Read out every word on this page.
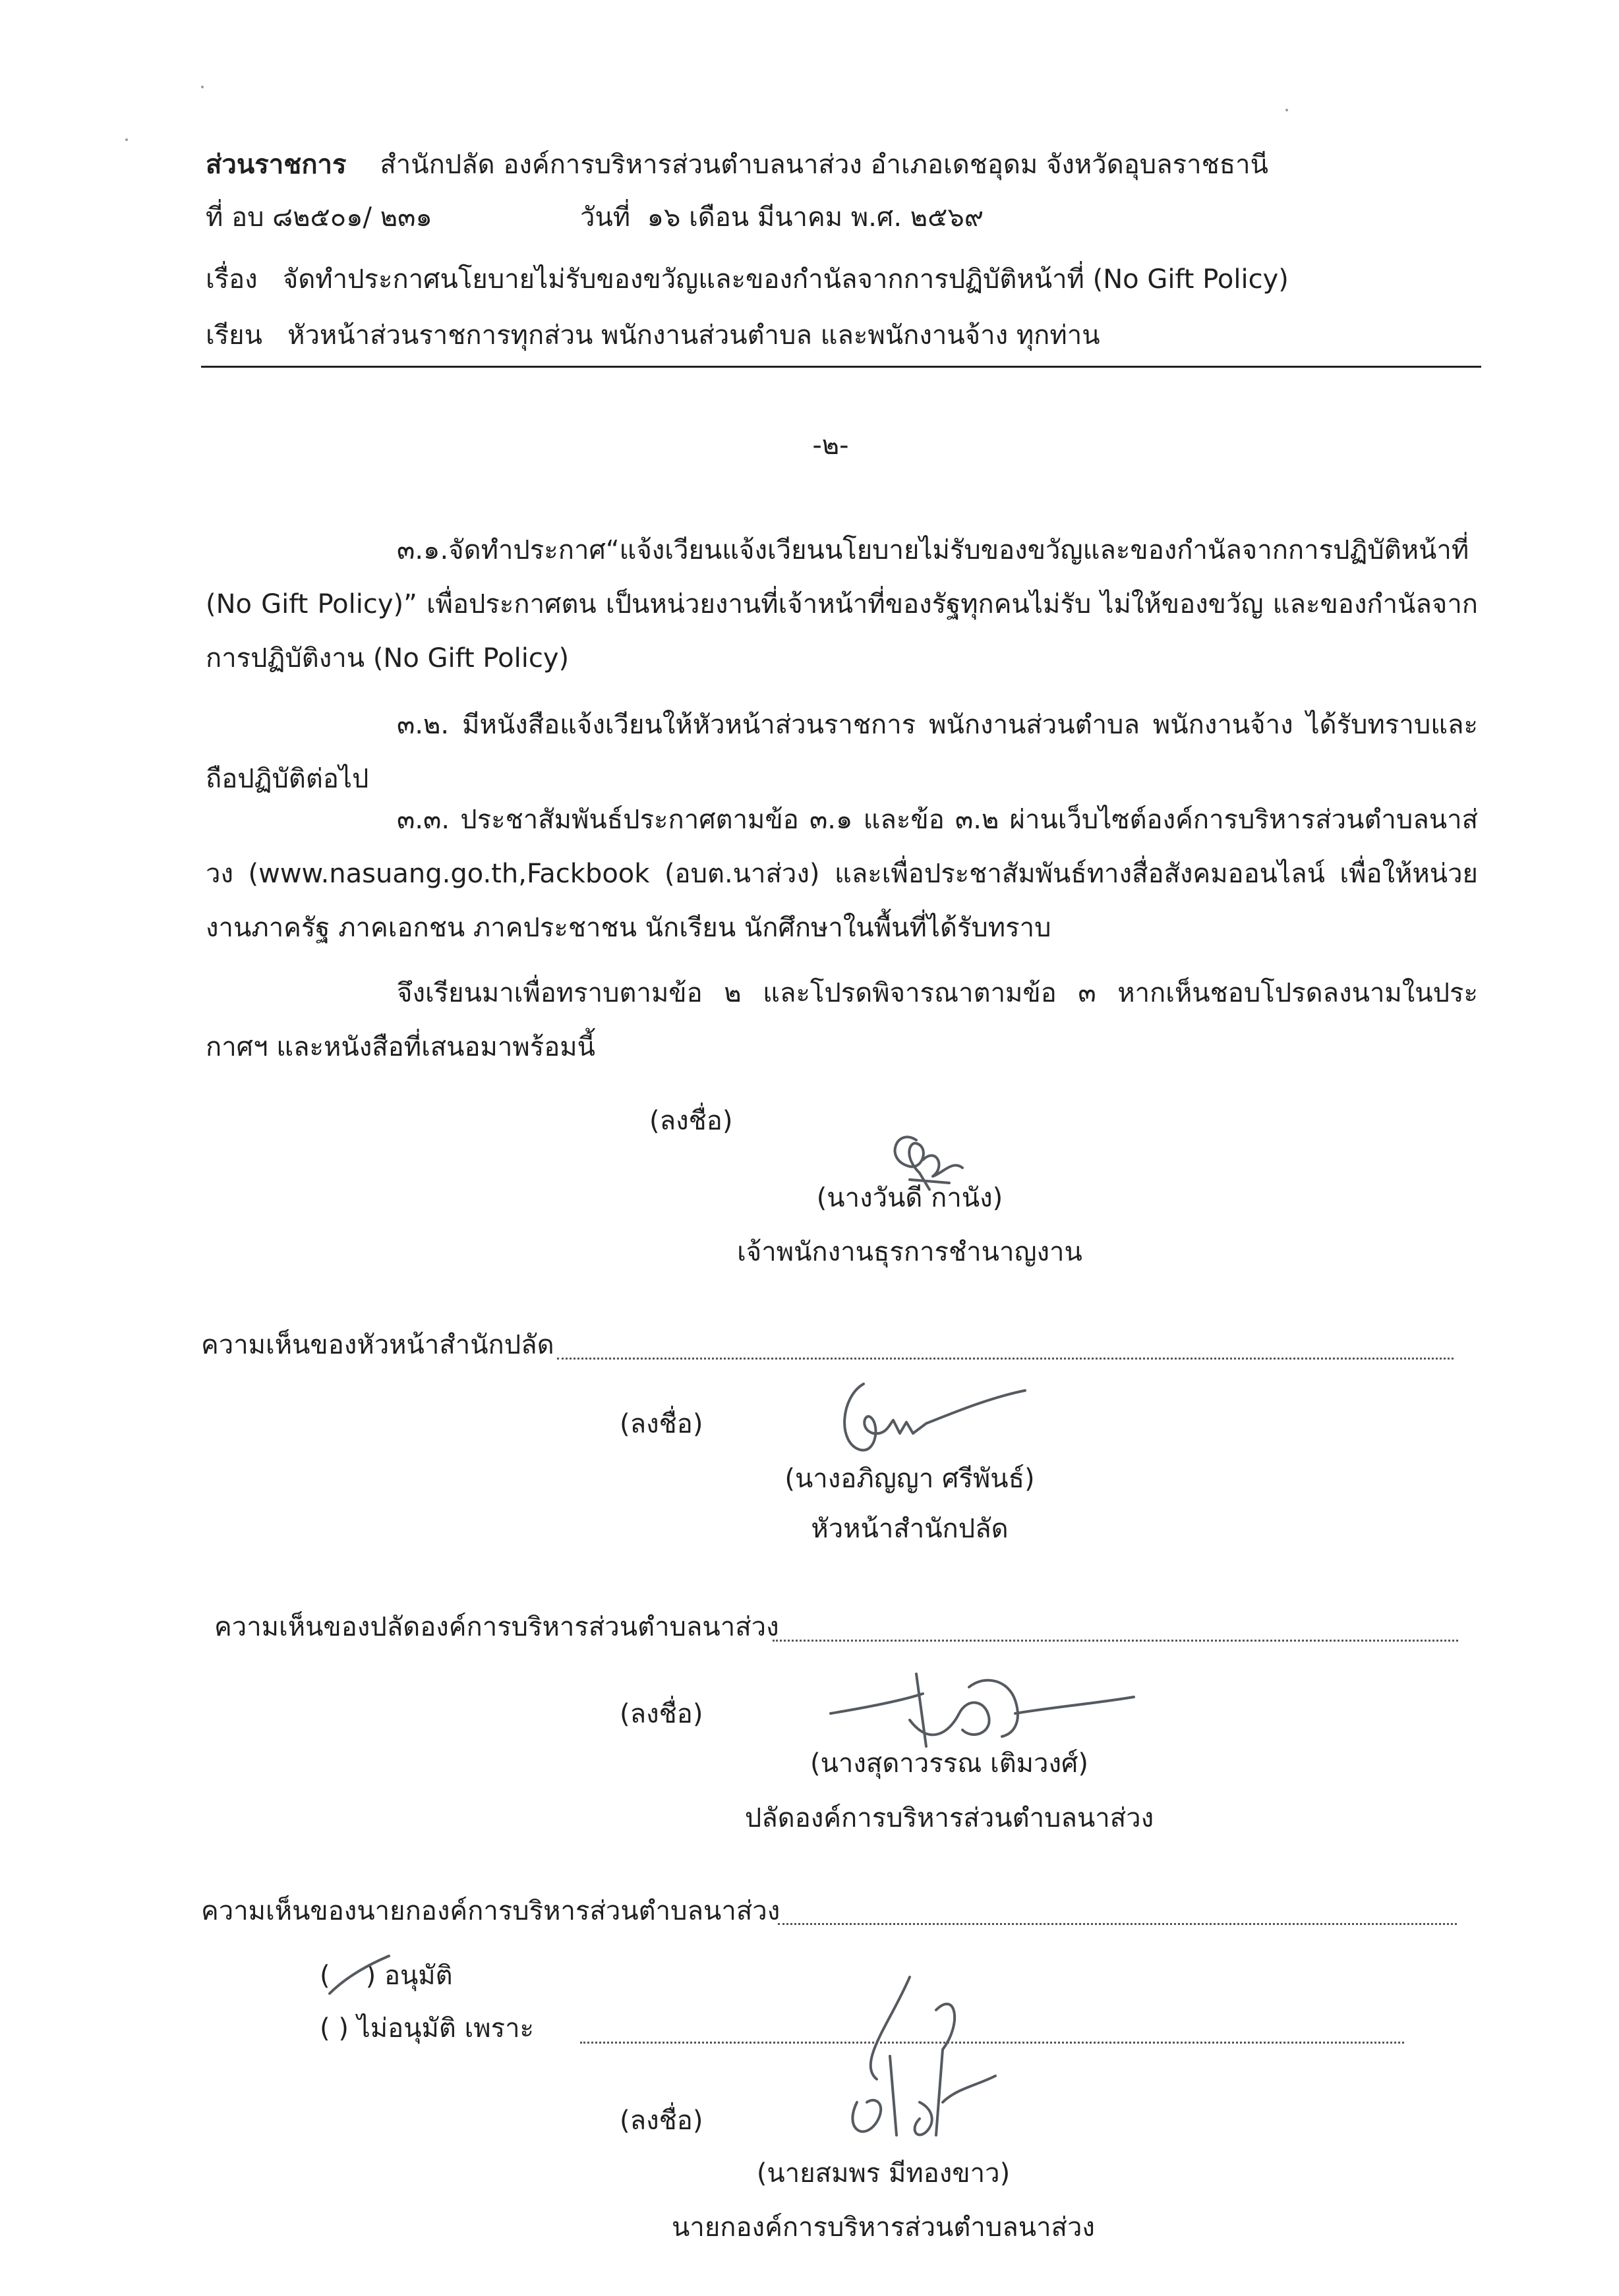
ส่วนราชการ สำนักปลัด องค์การบริหารส่วนตำบลนาส่วง อำเภอเดชอุดม จังหวัดอุบลราชธานี
ที่ อบ ๘๒๕๐๑/ ๒๓๑	วันที่ ๑๖ เดือน มีนาคม พ.ศ. ๒๕๖๙
เรื่อง จัดทำประกาศนโยบายไม่รับของขวัญและของกำนัลจากการปฏิบัติหน้าที่ (No Gift Policy)
เรียน หัวหน้าส่วนราชการทุกส่วน พนักงานส่วนตำบล และพนักงานจ้าง ทุกท่าน
-๒-
๓.๑.จัดทำประกาศ“แจ้งเวียนแจ้งเวียนนโยบายไม่รับของขวัญและของกำนัลจากการปฏิบัติหน้าที่ (No Gift Policy)” เพื่อประกาศตน เป็นหน่วยงานที่เจ้าหน้าที่ของรัฐทุกคนไม่รับ ไม่ให้ของขวัญ และของกำนัลจากการปฏิบัติงาน (No Gift Policy)
๓.๒. มีหนังสือแจ้งเวียนให้หัวหน้าส่วนราชการ พนักงานส่วนตำบล พนักงานจ้าง ได้รับทราบและถือปฏิบัติต่อไป
๓.๓. ประชาสัมพันธ์ประกาศตามข้อ ๓.๑ และข้อ ๓.๒ ผ่านเว็บไซต์องค์การบริหารส่วนตำบลนาส่วง (www.nasuang.go.th,Fackbook (อบต.นาส่วง) และเพื่อประชาสัมพันธ์ทางสื่อสังคมออนไลน์ เพื่อให้หน่วยงานภาครัฐ ภาคเอกชน ภาคประชาชน นักเรียน นักศึกษาในพื้นที่ได้รับทราบ
จึงเรียนมาเพื่อทราบตามข้อ ๒ และโปรดพิจารณาตามข้อ ๓ หากเห็นชอบโปรดลงนามในประกาศฯ และหนังสือที่เสนอมาพร้อมนี้
(ลงชื่อ)
(นางวันดี กานัง)
เจ้าพนักงานธุรการชำนาญงาน
ความเห็นของหัวหน้าสำนักปลัด
(ลงชื่อ)
(นางอภิญญา ศรีพันธ์)
หัวหน้าสำนักปลัด
ความเห็นของปลัดองค์การบริหารส่วนตำบลนาส่วง
(ลงชื่อ)
(นางสุดาวรรณ เติมวงศ์)
ปลัดองค์การบริหารส่วนตำบลนาส่วง
ความเห็นของนายกองค์การบริหารส่วนตำบลนาส่วง
( ) อนุมัติ
( ) ไม่อนุมัติ เพราะ
(ลงชื่อ)
(นายสมพร มีทองขาว)
นายกองค์การบริหารส่วนตำบลนาส่วง
